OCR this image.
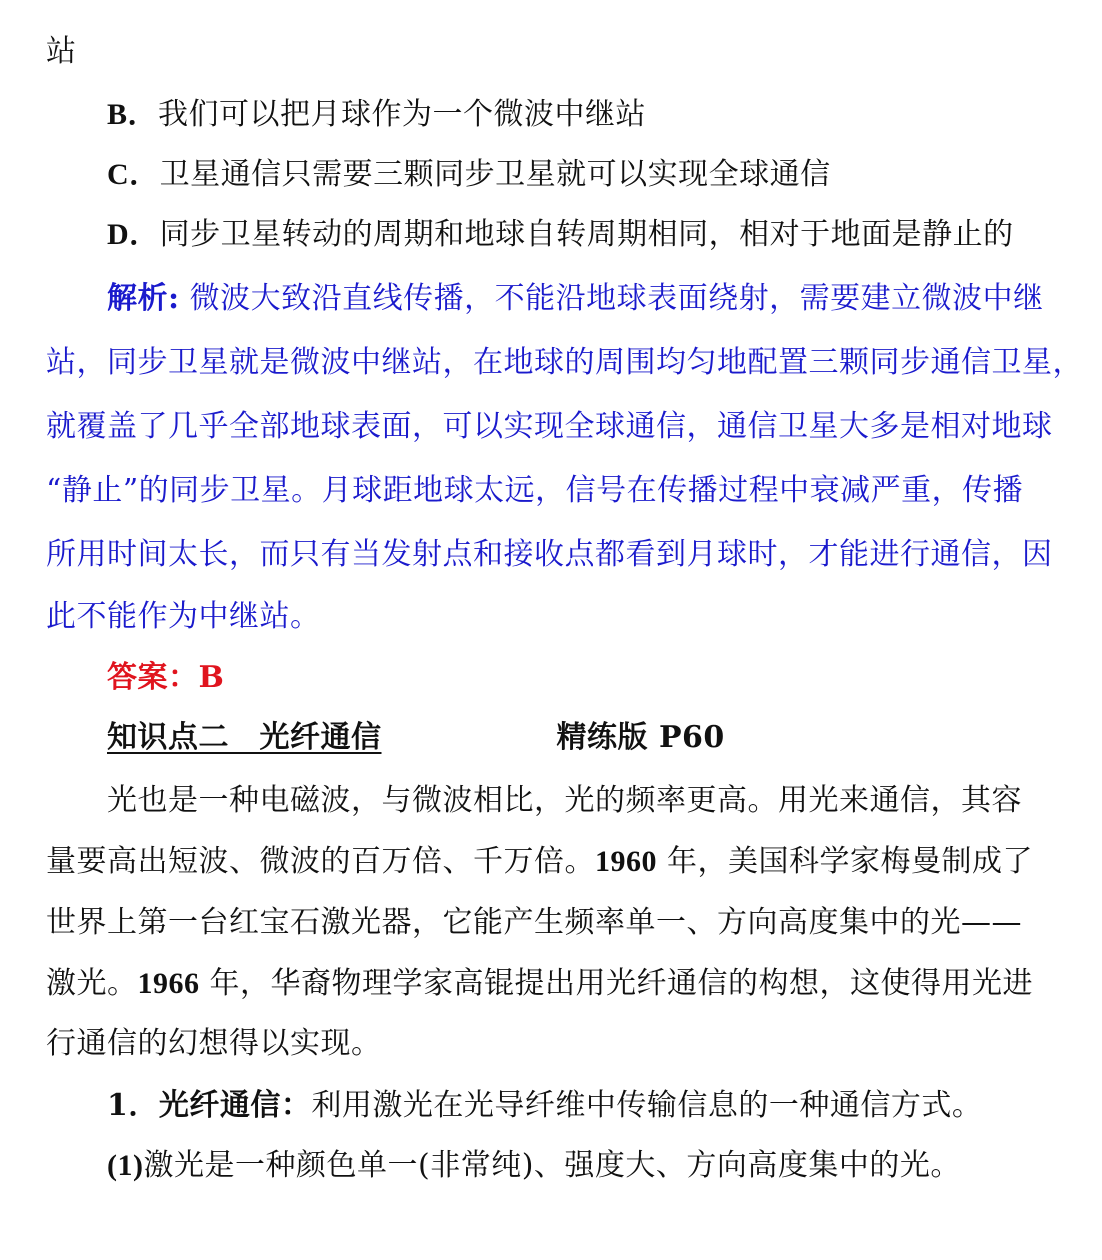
站
B．我们可以把月球作为一个微波中继站
C．卫星通信只需要三颗同步卫星就可以实现全球通信
D．同步卫星转动的周期和地球自转周期相同，相对于地面是静止的
解析: 微波大致沿直线传播，不能沿地球表面绕射，需要建立微波中继
站，同步卫星就是微波中继站，在地球的周围均匀地配置三颗同步通信卫星，
就覆盖了几乎全部地球表面，可以实现全球通信，通信卫星大多是相对地球
“静止”的同步卫星。月球距地球太远，信号在传播过程中衰减严重，传播
所用时间太长，而只有当发射点和接收点都看到月球时，才能进行通信，因
此不能作为中继站。
答案：B
知识点二　光纤通信	精练版 P60
光也是一种电磁波，与微波相比，光的频率更高。用光来通信，其容
量要高出短波、微波的百万倍、千万倍。1960 年，美国科学家梅曼制成了
世界上第一台红宝石激光器，它能产生频率单一、方向高度集中的光——
激光。1966 年，华裔物理学家高锟提出用光纤通信的构想，这使得用光进
行通信的幻想得以实现。
1．光纤通信：利用激光在光导纤维中传输信息的一种通信方式。
(1)激光是一种颜色单一(非常纯)、强度大、方向高度集中的光。
